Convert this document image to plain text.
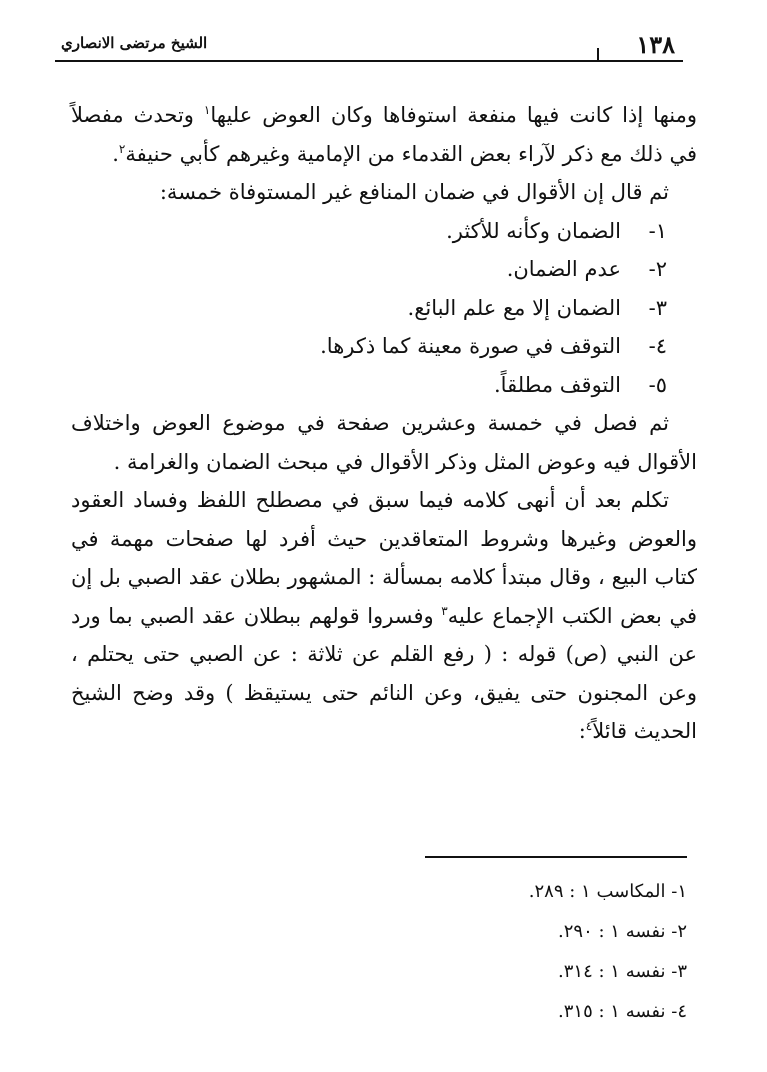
١٣٨
الشيخ مرتضى الانصاري

ومنها إذا كانت فيها منفعة استوفاها وكان العوض عليها$^١$ وتحدث مفصلاً في ذلك مع ذكر لآراء بعض القدماء من الإمامية وغيرهم كأبي حنيفة$^٢$.

ثم قال إن الأقوال في ضمان المنافع غير المستوفاة خمسة:

١-الضمان وكأنه للأكثر.
٢-عدم الضمان.
٣-الضمان إلا مع علم البائع.
٤-التوقف في صورة معينة كما ذكرها.
٥-التوقف مطلقاً.

ثم فصل في خمسة وعشرين صفحة في موضوع العوض واختلاف الأقوال فيه وعوض المثل وذكر الأقوال في مبحث الضمان والغرامة .

تكلم بعد أن أنهى كلامه فيما سبق في مصطلح اللفظ وفساد العقود والعوض وغيرها وشروط المتعاقدين حيث أفرد لها صفحات مهمة في كتاب البيع ، وقال مبتدأ كلامه بمسألة : المشهور بطلان عقد الصبي بل إن في بعض الكتب الإجماع عليه$^٣$ وفسروا قولهم ببطلان عقد الصبي بما ورد عن النبي (ص) قوله : ( رفع القلم عن ثلاثة : عن الصبي حتى يحتلم ، وعن المجنون حتى يفيق، وعن النائم حتى يستيقظ ) وقد وضح الشيخ الحديث قائلاً$^٤$:

١- المكاسب ١ : ٢٨٩.
٢- نفسه ١ : ٢٩٠.
٣- نفسه ١ : ٣١٤.
٤- نفسه ١ : ٣١٥.
